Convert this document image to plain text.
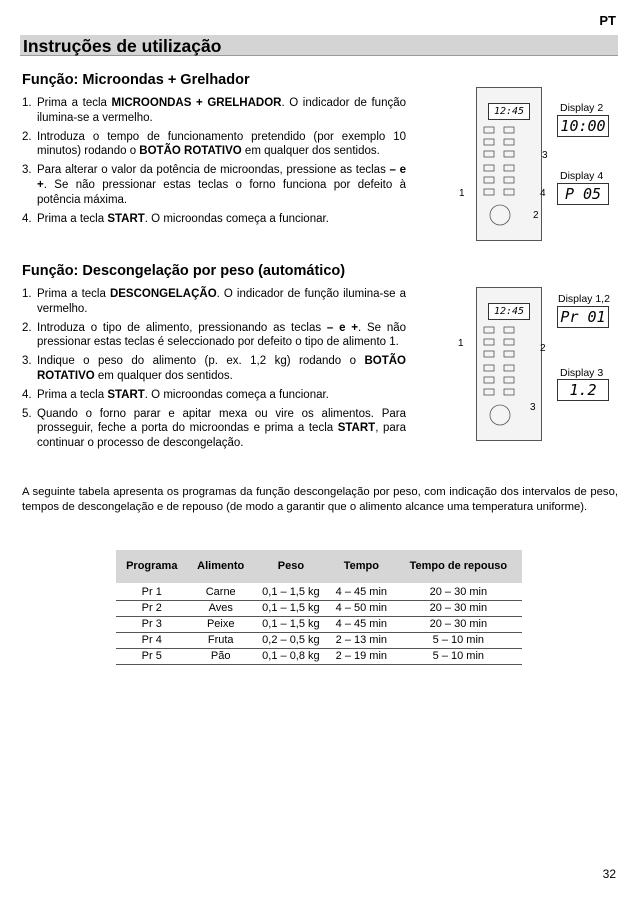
PT
Instruções de utilização
Função: Microondas + Grelhador
1. Prima a tecla MICROONDAS + GRELHADOR. O indicador de função ilumina-se a vermelho.
2. Introduza o tempo de funcionamento pretendido (por exemplo 10 minutos) rodando o BOTÃO ROTATIVO em qualquer dos sentidos.
3. Para alterar o valor da potência de microondas, pressione as teclas – e +. Se não pressionar estas teclas o forno funciona por defeito à potência máxima.
4. Prima a tecla START. O microondas começa a funcionar.
12:45
1
2
3
4
Display 2
10:00
Display 4
P 05
Função: Descongelação por peso (automático)
1. Prima a tecla DESCONGELAÇÃO. O indicador de função ilumina-se a vermelho.
2. Introduza o tipo de alimento, pressionando as teclas – e +. Se não pressionar estas teclas é seleccionado por defeito o tipo de alimento 1.
3. Indique o peso do alimento (p. ex. 1,2 kg) rodando o BOTÃO ROTATIVO em qualquer dos sentidos.
4. Prima a tecla START. O microondas começa a funcionar.
5. Quando o forno parar e apitar mexa ou vire os alimentos. Para prosseguir, feche a porta do microondas e prima a tecla START, para continuar o processo de descongelação.
12:45
1	2
3
Display 1,2
Pr 01
Display 3
1.2
A seguinte tabela apresenta os programas da função descongelação por peso, com indicação dos intervalos de peso, tempos de descongelação e de repouso (de modo a garantir que o alimento alcance uma temperatura uniforme).
Programa	Alimento	Peso	Tempo	Tempo de repouso
Pr 1	Carne	0,1 – 1,5 kg	4 – 45 min	20 – 30 min
Pr 2	Aves	0,1 – 1,5 kg	4 – 50 min	20 – 30 min
Pr 3	Peixe	0,1 – 1,5 kg	4 – 45 min	20 – 30 min
Pr 4	Fruta	0,2 – 0,5 kg	2 – 13 min	5 – 10 min
Pr 5	Pão	0,1 – 0,8 kg	2 – 19 min	5 – 10 min
32
